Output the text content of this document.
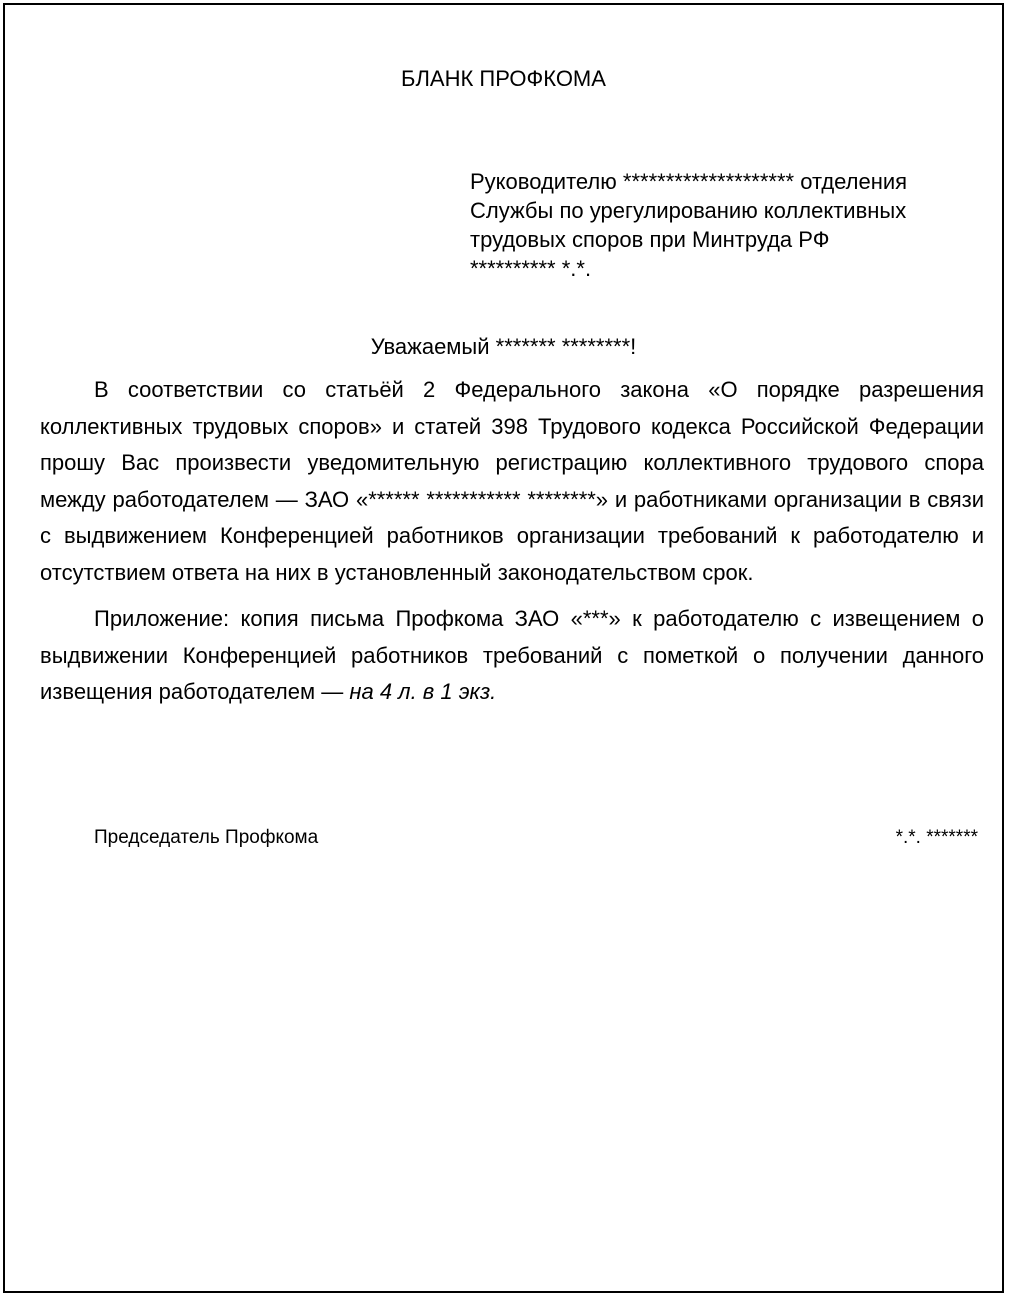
БЛАНК ПРОФКОМА
Руководителю ******************** отделения
Службы по урегулированию коллективных
трудовых споров при Минтруда РФ
********** *.*.
Уважаемый ******* ********!

В соответствии со статьёй 2 Федерального закона «О порядке разрешения коллективных трудовых споров» и статей 398 Трудового кодекса Российской Федерации прошу Вас произвести уведомительную регистрацию коллективного трудового спора между работодателем — ЗАО «****** *********** ********» и работниками организации в связи с выдвижением Конференцией работников организации требований к работодателю и отсутствием ответа на них в установленный законодательством срок.

Приложение: копия письма Профкома ЗАО «***» к работодателю с извещением о выдвижении Конференцией работников требований с пометкой о получении данного извещения работодателем — на 4 л. в 1 экз.

Председатель Профкома	*.*. *******
